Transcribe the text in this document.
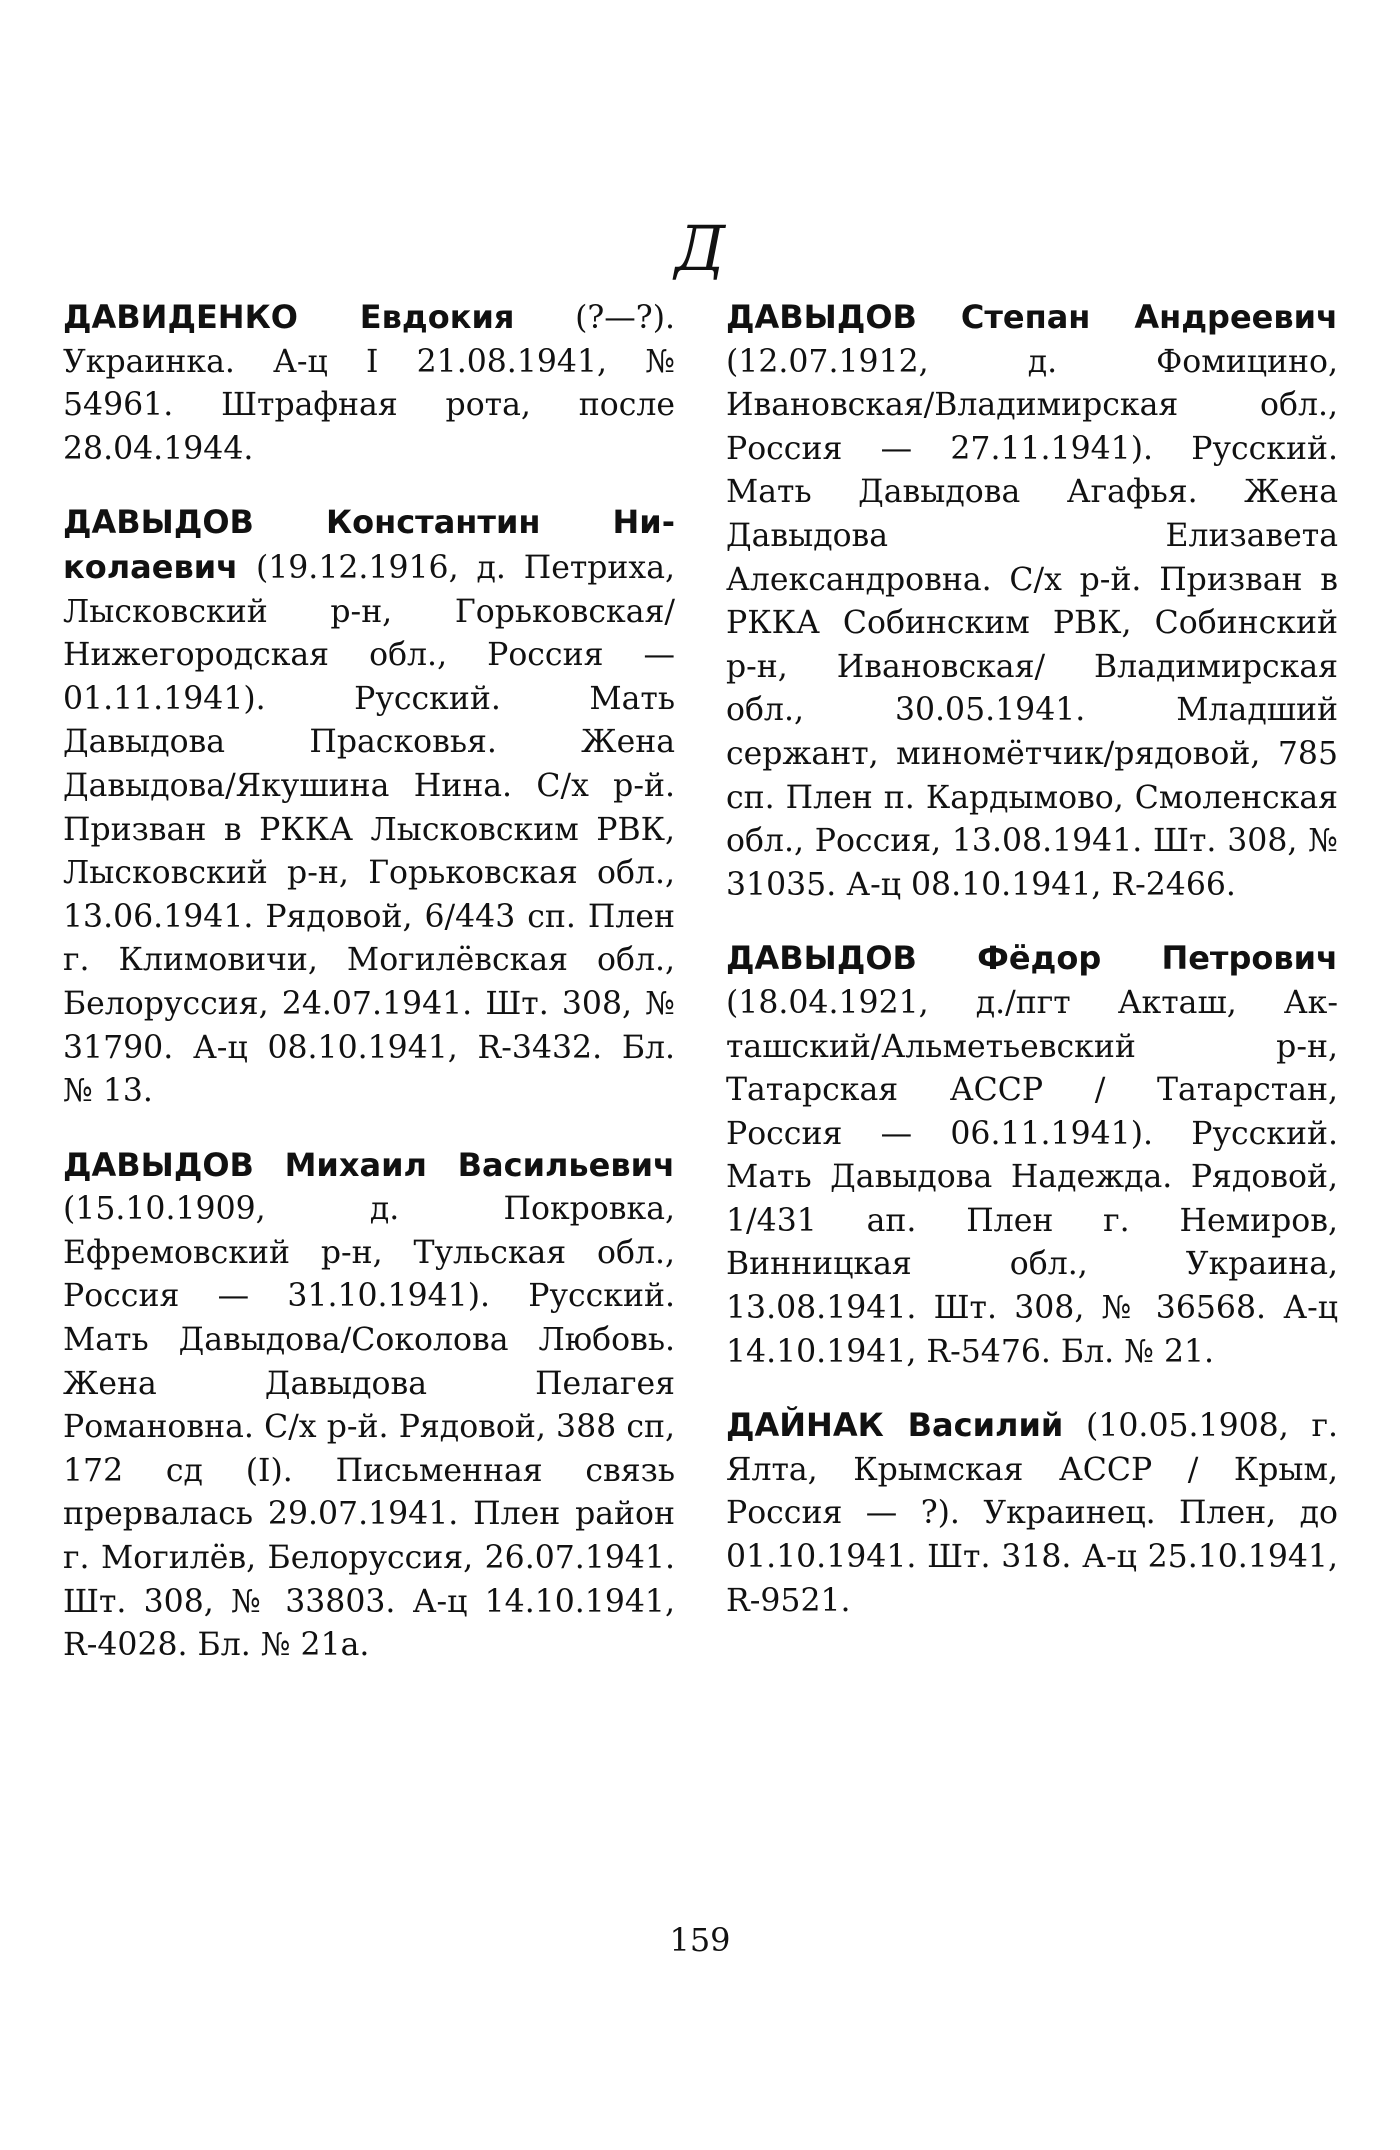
Д

ДАВИДЕНКО Евдокия (?—?). Украинка. А-ц I 21.08.1941, № 54961. Штрафная рота, после 28.04.1944.

ДАВЫДОВ Константин Николаевич (19.12.1916, д. Петриха, Лысковский р-н, Горьковская/Нижегородская обл., Россия — 01.11.1941). Русский. Мать Давыдова Прасковья. Жена Давыдова/Якушина Нина. С/х р-й. Призван в РККА Лысковским РВК, Лысковский р-н, Горьковская обл., 13.06.1941. Рядовой, 6/443 сп. Плен г. Климовичи, Могилёвская обл., Белоруссия, 24.07.1941. Шт. 308, № 31790. А-ц 08.10.1941, R-3432. Бл. № 13.

ДАВЫДОВ Михаил Васильeвич (15.10.1909, д. Покровка, Ефремовский р-н, Тульская обл., Россия — 31.10.1941). Русский. Мать Давыдова/Соколова Любовь. Жена Давыдова Пелагея Романовна. С/х р-й. Рядовой, 388 сп, 172 сд (I). Письменная связь прервалась 29.07.1941. Плен район г. Могилёв, Белоруссия, 26.07.1941. Шт. 308, № 33803. А-ц 14.10.1941, R-4028. Бл. № 21а.

ДАВЫДОВ Степан Андреевич (12.07.1912, д. Фомицино, Ивановская/Владимирская обл., Россия — 27.11.1941). Русский. Мать Давыдова Агафья. Жена Давыдова Елизавета Александровна. С/х р-й. Призван в РККА Собинским РВК, Собинский р-н, Ивановская/ Владимирская обл., 30.05.1941. Младший сержант, миномётчик/рядовой, 785 сп. Плен п. Кардымово, Смоленская обл., Россия, 13.08.1941. Шт. 308, № 31035. А-ц 08.10.1941, R-2466.

ДАВЫДОВ Фёдор Петрович (18.04.1921, д./пгт Акташ, Акташский/Альметьевский р-н, Татарская АССР / Татарстан, Россия — 06.11.1941). Русский. Мать Давыдова Надежда. Рядовой, 1/431 ап. Плен г. Немиров, Винницкая обл., Украина, 13.08.1941. Шт. 308, № 36568. А-ц 14.10.1941, R-5476. Бл. № 21.

ДАЙНАК Василий (10.05.1908, г. Ялта, Крымская АССР / Крым, Россия — ?). Украинец. Плен, до 01.10.1941. Шт. 318. А-ц 25.10.1941, R-9521.

159
